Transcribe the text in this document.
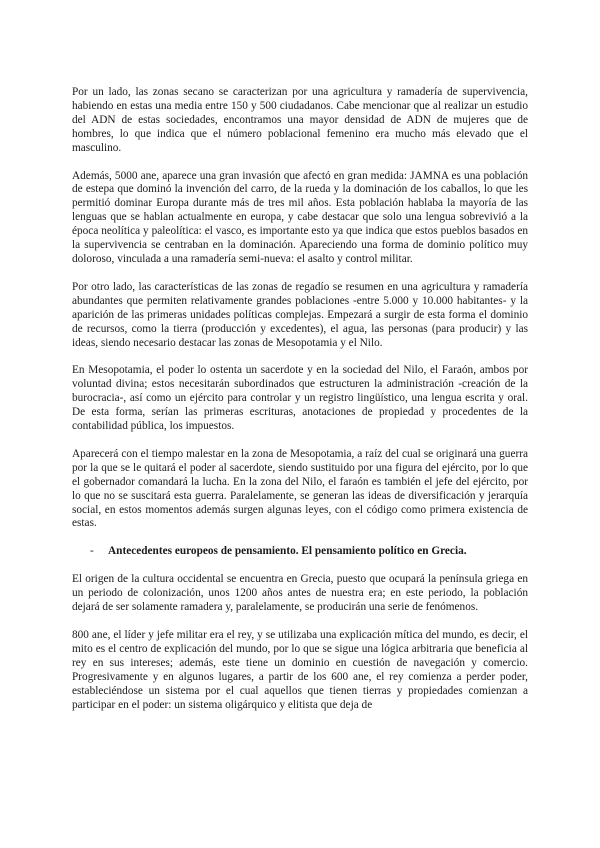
Por un lado, las zonas secano se caracterizan por una agricultura y ramadería de supervivencia, habiendo en estas una media entre 150 y 500 ciudadanos. Cabe mencionar que al realizar un estudio del ADN de estas sociedades, encontramos una mayor densidad de ADN de mujeres que de hombres, lo que indica que el número poblacional femenino era mucho más elevado que el masculino.

Además, 5000 ane, aparece una gran invasión que afectó en gran medida: JAMNA es una población de estepa que dominó la invención del carro, de la rueda y la dominación de los caballos, lo que les permitió dominar Europa durante más de tres mil años. Esta población hablaba la mayoría de las lenguas que se hablan actualmente en europa, y cabe destacar que solo una lengua sobrevivió a la época neolítica y paleolítica: el vasco, es importante esto ya que indica que estos pueblos basados en la supervivencia se centraban en la dominación. Apareciendo una forma de dominio político muy doloroso, vinculada a una ramadería semi-nueva: el asalto y control militar.

Por otro lado, las características de las zonas de regadío se resumen en una agricultura y ramadería abundantes que permiten relativamente grandes poblaciones -entre 5.000 y 10.000 habitantes- y la aparición de las primeras unidades políticas complejas. Empezará a surgir de esta forma el dominio de recursos, como la tierra (producción y excedentes), el agua, las personas (para producir) y las ideas, siendo necesario destacar las zonas de Mesopotamia y el Nilo.

En Mesopotamia, el poder lo ostenta un sacerdote y en la sociedad del Nilo, el Faraón, ambos por voluntad divina; estos necesitarán subordinados que estructuren la administración -creación de la burocracia-, así como un ejército para controlar y un registro lingüístico, una lengua escrita y oral. De esta forma, serían las primeras escrituras, anotaciones de propiedad y procedentes de la contabilidad pública, los impuestos.

Aparecerá con el tiempo malestar en la zona de Mesopotamia, a raíz del cual se originará una guerra por la que se le quitará el poder al sacerdote, siendo sustituido por una figura del ejército, por lo que el gobernador comandará la lucha. En la zona del Nilo, el faraón es también el jefe del ejército, por lo que no se suscitará esta guerra. Paralelamente, se generan las ideas de diversificación y jerarquía social, en estos momentos además surgen algunas leyes, con el código como primera existencia de estas.

-	Antecedentes europeos de pensamiento. El pensamiento político en Grecia.

El origen de la cultura occidental se encuentra en Grecia, puesto que ocupará la península griega en un periodo de colonización, unos 1200 años antes de nuestra era; en este periodo, la población dejará de ser solamente ramadera y, paralelamente, se producirán una serie de fenómenos.

800 ane, el líder y jefe militar era el rey, y se utilizaba una explicación mítica del mundo, es decir, el mito es el centro de explicación del mundo, por lo que se sigue una lógica arbitraria que beneficia al rey en sus intereses; además, este tiene un dominio en cuestión de navegación y comercio. Progresivamente y en algunos lugares, a partir de los 600 ane, el rey comienza a perder poder, estableciéndose un sistema por el cual aquellos que tienen tierras y propiedades comienzan a participar en el poder: un sistema oligárquico y elitista que deja de
